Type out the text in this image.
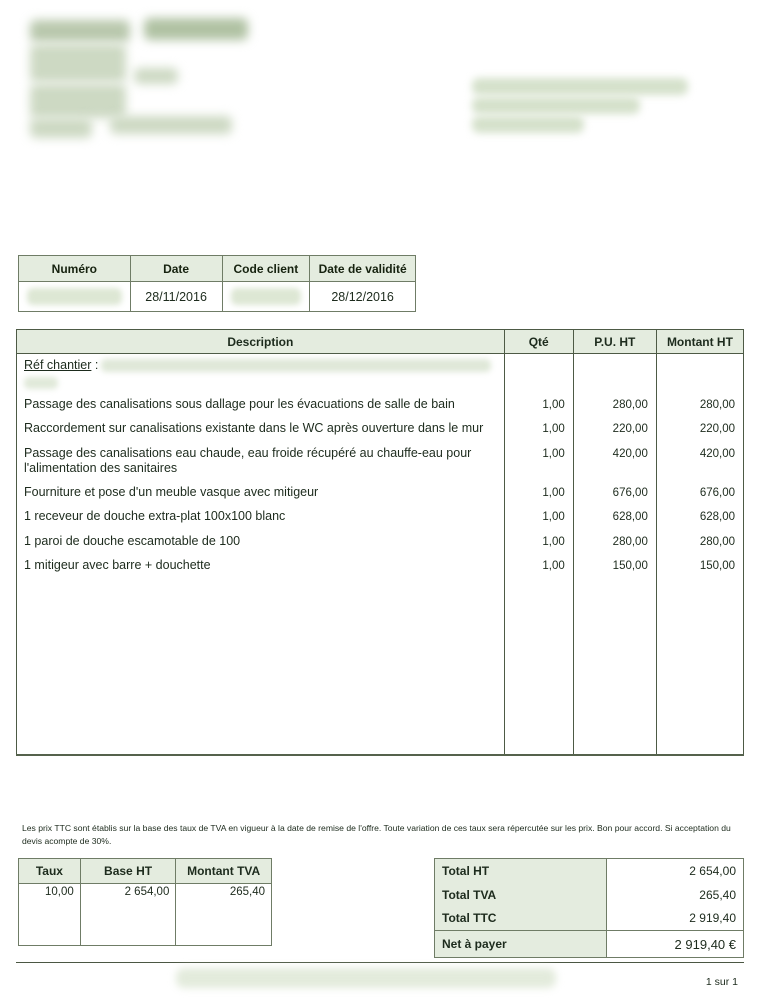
Numéro	Date	Code client	Date de validité

	28/11/2016		28/12/2016
Description	Qté	P.U. HT	Montant HT
Réf chantier :

Passage des canalisations sous dallage pour les évacuations de salle de bain	1,00	280,00	280,00
Raccordement sur canalisations existante dans le WC après ouverture dans le mur	1,00	220,00	220,00
Passage des canalisations eau chaude, eau froide récupéré au chauffe-eau pour l'alimentation des sanitaires	1,00	420,00	420,00
Fourniture et pose d'un meuble vasque avec mitigeur	1,00	676,00	676,00
1 receveur de douche extra-plat 100x100 blanc	1,00	628,00	628,00
1 paroi de douche escamotable de 100	1,00	280,00	280,00
1 mitigeur avec barre + douchette	1,00	150,00	150,00

Les prix TTC sont établis sur la base des taux de TVA en vigueur à la date de remise de l'offre. Toute variation de ces taux sera répercutée sur les prix. Bon pour accord. Si acceptation du devis acompte de 30%.
Taux	Base HT	Montant TVA
10,00	2 654,00	265,40
Total HT	2 654,00
Total TVA	265,40
Total TTC	2 919,40
Net à payer	2 919,40 €
1 sur 1
